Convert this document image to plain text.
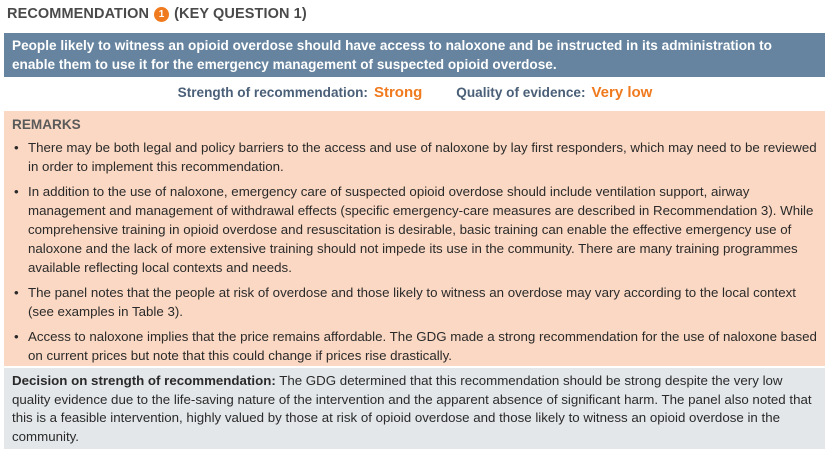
RECOMMENDATION 1 (KEY QUESTION 1)
People likely to witness an opioid overdose should have access to naloxone and be instructed in its administration to enable them to use it for the emergency management of suspected opioid overdose.
Strength of recommendation: Strong	Quality of evidence: Very low
REMARKS
• There may be both legal and policy barriers to the access and use of naloxone by lay first responders, which may need to be reviewed in order to implement this recommendation.
• In addition to the use of naloxone, emergency care of suspected opioid overdose should include ventilation support, airway management and management of withdrawal effects (specific emergency-care measures are described in Recommendation 3). While comprehensive training in opioid overdose and resuscitation is desirable, basic training can enable the effective emergency use of naloxone and the lack of more extensive training should not impede its use in the community. There are many training programmes available reflecting local contexts and needs.
• The panel notes that the people at risk of overdose and those likely to witness an overdose may vary according to the local context (see examples in Table 3).
• Access to naloxone implies that the price remains affordable. The GDG made a strong recommendation for the use of naloxone based on current prices but note that this could change if prices rise drastically.
Decision on strength of recommendation: The GDG determined that this recommendation should be strong despite the very low quality evidence due to the life-saving nature of the intervention and the apparent absence of significant harm. The panel also noted that this is a feasible intervention, highly valued by those at risk of opioid overdose and those likely to witness an opioid overdose in the community.
